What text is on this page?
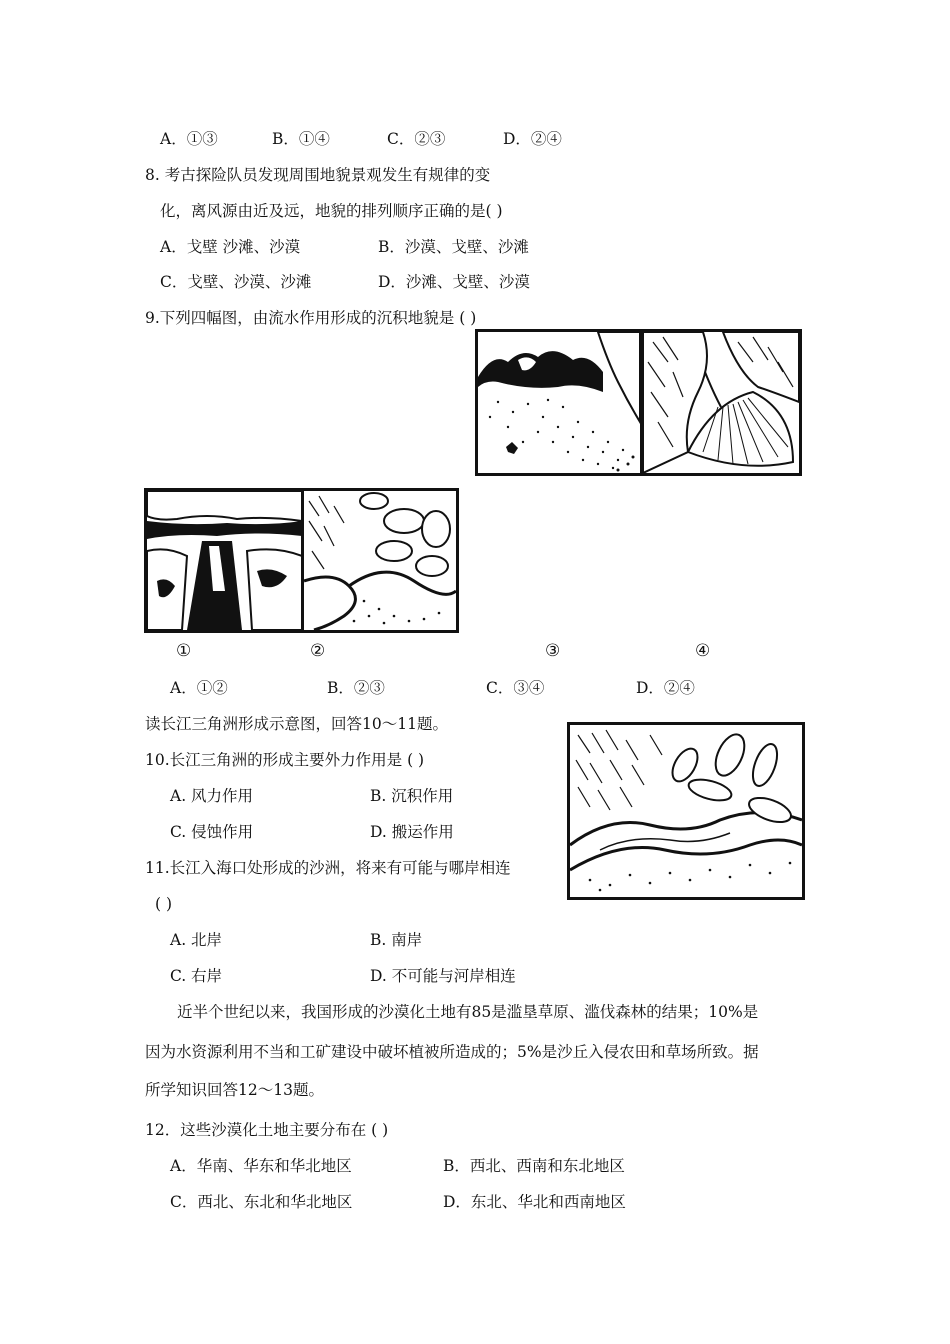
A．①③	B．①④	C．②③	D．②④
8. 考古探险队员发现周围地貌景观发生有规律的变
化，离风源由近及远，地貌的排列顺序正确的是( )
A．戈壁 沙滩、沙漠	B．沙漠、戈壁、沙滩
C．戈壁、沙漠、沙滩	D．沙滩、戈壁、沙漠
9.下列四幅图，由流水作用形成的沉积地貌是 ( )
①	②	③	④
A．①②	B．②③	C．③④	D．②④
读长江三角洲形成示意图，回答10～11题。
10.长江三角洲的形成主要外力作用是 ( )
A. 风力作用	B. 沉积作用
C. 侵蚀作用	D. 搬运作用
11.长江入海口处形成的沙洲，将来有可能与哪岸相连
( )
A. 北岸	B. 南岸
C. 右岸	D. 不可能与河岸相连
近半个世纪以来，我国形成的沙漠化土地有85是滥垦草原、滥伐森林的结果；10%是
因为水资源利用不当和工矿建设中破坏植被所造成的；5%是沙丘入侵农田和草场所致。据
所学知识回答12～13题。
12．这些沙漠化土地主要分布在 ( )
A．华南、华东和华北地区	B．西北、西南和东北地区
C．西北、东北和华北地区	D．东北、华北和西南地区
